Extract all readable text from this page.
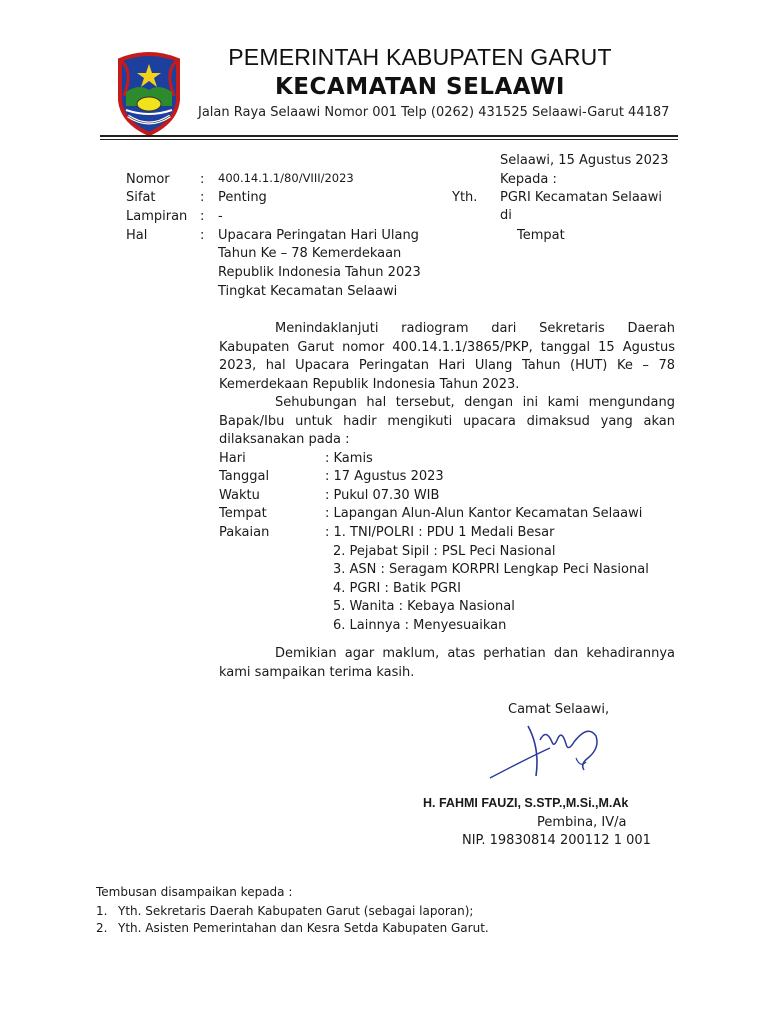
PEMERINTAH KABUPATEN GARUT
KECAMATAN SELAAWI
Jalan Raya Selaawi Nomor 001 Telp (0262) 431525 Selaawi-Garut 44187
Selaawi, 15 Agustus 2023
Kepada :
Yth. PGRI Kecamatan Selaawi
di
Tempat
Nomor : 400.14.1.1/80/VIII/2023
Sifat	: Penting
Lampiran : -
Hal	: Upacara Peringatan Hari Ulang
Tahun Ke – 78 Kemerdekaan
Republik Indonesia Tahun 2023
Tingkat Kecamatan Selaawi
Menindaklanjuti radiogram dari Sekretaris Daerah Kabupaten Garut nomor 400.14.1.1/3865/PKP, tanggal 15 Agustus 2023, hal Upacara Peringatan Hari Ulang Tahun (HUT) Ke – 78 Kemerdekaan Republik Indonesia Tahun 2023.
Sehubungan hal tersebut, dengan ini kami mengundang Bapak/Ibu untuk hadir mengikuti upacara dimaksud yang akan dilaksanakan pada :
Hari	: Kamis
Tanggal	: 17 Agustus 2023
Waktu	: Pukul 07.30 WIB
Tempat	: Lapangan Alun-Alun Kantor Kecamatan Selaawi
Pakaian	: 1. TNI/POLRI : PDU 1 Medali Besar
2. Pejabat Sipil : PSL Peci Nasional
3. ASN : Seragam KORPRI Lengkap Peci Nasional
4. PGRI : Batik PGRI
5. Wanita : Kebaya Nasional
6. Lainnya : Menyesuaikan
Demikian agar maklum, atas perhatian dan kehadirannya kami sampaikan terima kasih.
Camat Selaawi,
H. FAHMI FAUZI, S.STP.,M.Si.,M.Ak
Pembina, IV/a
NIP. 19830814 200112 1 001
Tembusan disampaikan kepada :
1. Yth. Sekretaris Daerah Kabupaten Garut (sebagai laporan);
2. Yth. Asisten Pemerintahan dan Kesra Setda Kabupaten Garut.
